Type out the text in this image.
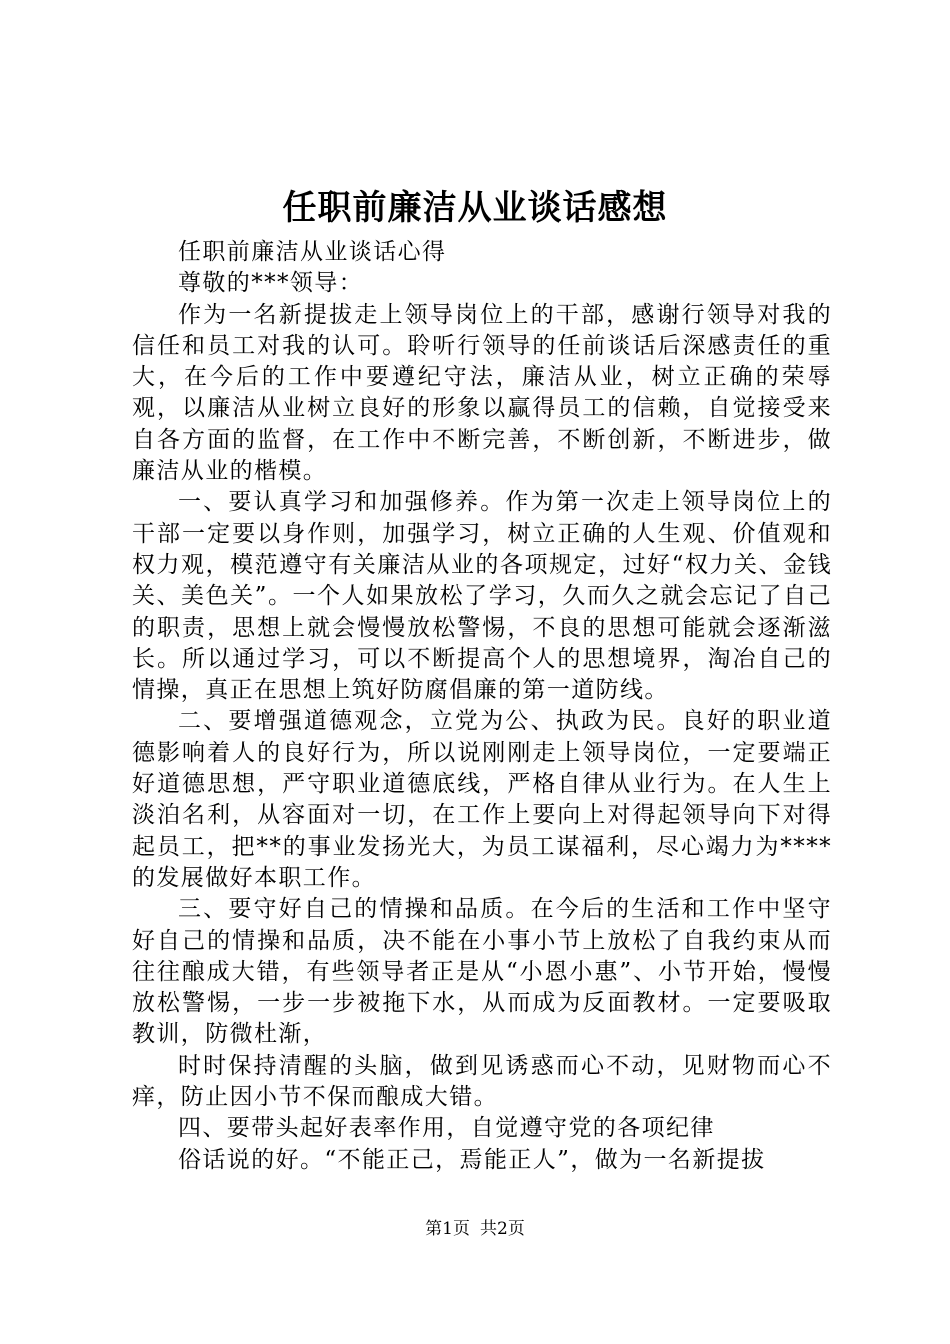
任职前廉洁从业谈话感想

任职前廉洁从业谈话心得

尊敬的***领导：

作为一名新提拔走上领导岗位上的干部，感谢行领导对我的信任和员工对我的认可。聆听行领导的任前谈话后深感责任的重大，在今后的工作中要遵纪守法，廉洁从业，树立正确的荣辱观，以廉洁从业树立良好的形象以赢得员工的信赖，自觉接受来自各方面的监督，在工作中不断完善，不断创新，不断进步，做廉洁从业的楷模。

一、要认真学习和加强修养。作为第一次走上领导岗位上的干部一定要以身作则，加强学习，树立正确的人生观、价值观和权力观，模范遵守有关廉洁从业的各项规定，过好“权力关、金钱关、美色关”。一个人如果放松了学习，久而久之就会忘记了自己的职责，思想上就会慢慢放松警惕，不良的思想可能就会逐渐滋长。所以通过学习，可以不断提高个人的思想境界，淘冶自己的情操，真正在思想上筑好防腐倡廉的第一道防线。

二、要增强道德观念，立党为公、执政为民。良好的职业道德影响着人的良好行为，所以说刚刚走上领导岗位，一定要端正好道德思想，严守职业道德底线，严格自律从业行为。在人生上淡泊名利，从容面对一切，在工作上要向上对得起领导向下对得起员工，把**的事业发扬光大，为员工谋福利，尽心竭力为****的发展做好本职工作。

三、要守好自己的情操和品质。在今后的生活和工作中坚守好自己的情操和品质，决不能在小事小节上放松了自我约束从而往往酿成大错，有些领导者正是从“小恩小惠”、小节开始，慢慢放松警惕，一步一步被拖下水，从而成为反面教材。一定要吸取教训，防微杜渐，

时时保持清醒的头脑，做到见诱惑而心不动，见财物而心不痒，防止因小节不保而酿成大错。

四、要带头起好表率作用，自觉遵守党的各项纪律

俗话说的好。“不能正己，焉能正人”，做为一名新提拔

第1页 共2页
